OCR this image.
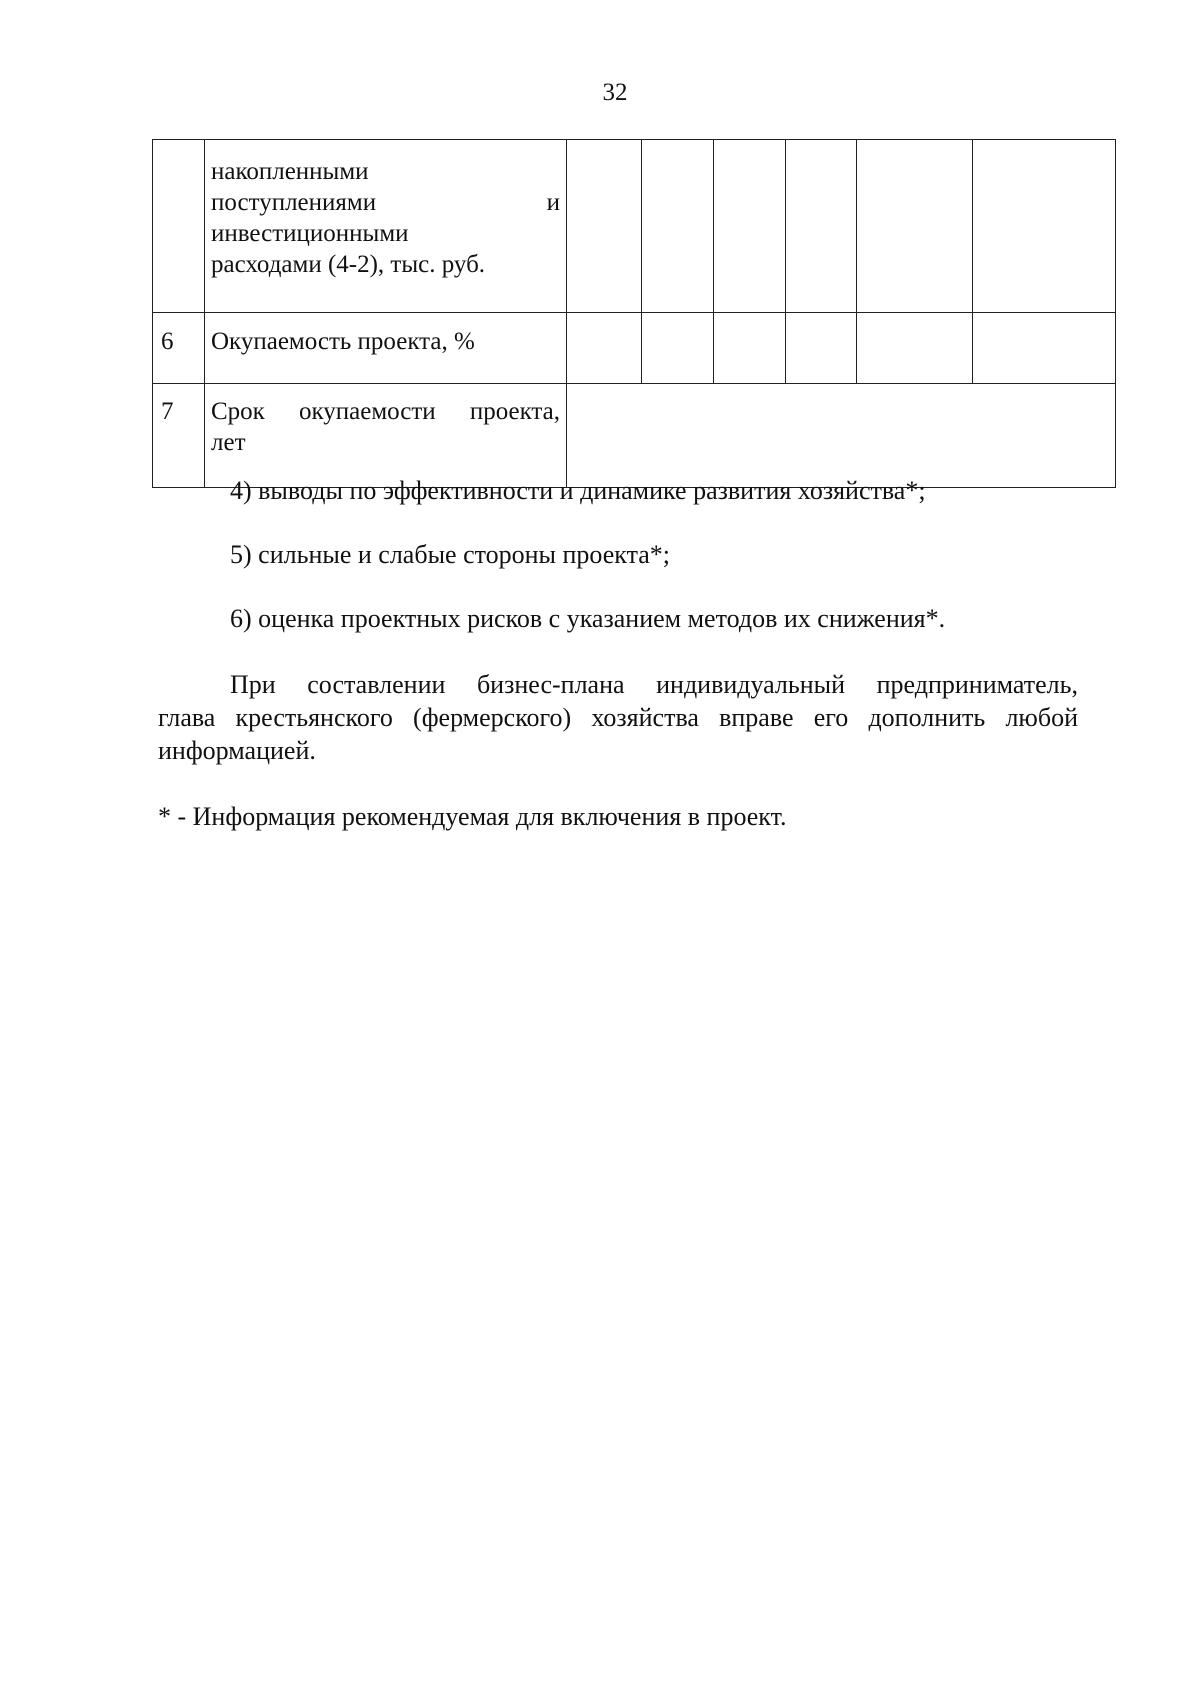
32

	накопленными
поступлениями и
инвестиционными
расходами (4-2), тыс. руб.						

6	Окупаемость проекта, %						
7	Срок окупаемости проекта,
лет						

4) выводы по эффективности и динамике развития хозяйства*;
5) сильные и слабые стороны проекта*;
6) оценка проектных рисков с указанием методов их снижения*.
При составлении бизнес-плана индивидуальный предприниматель,
глава крестьянского (фермерского) хозяйства вправе его дополнить любой
информацией.
* - Информация рекомендуемая для включения в проект.
